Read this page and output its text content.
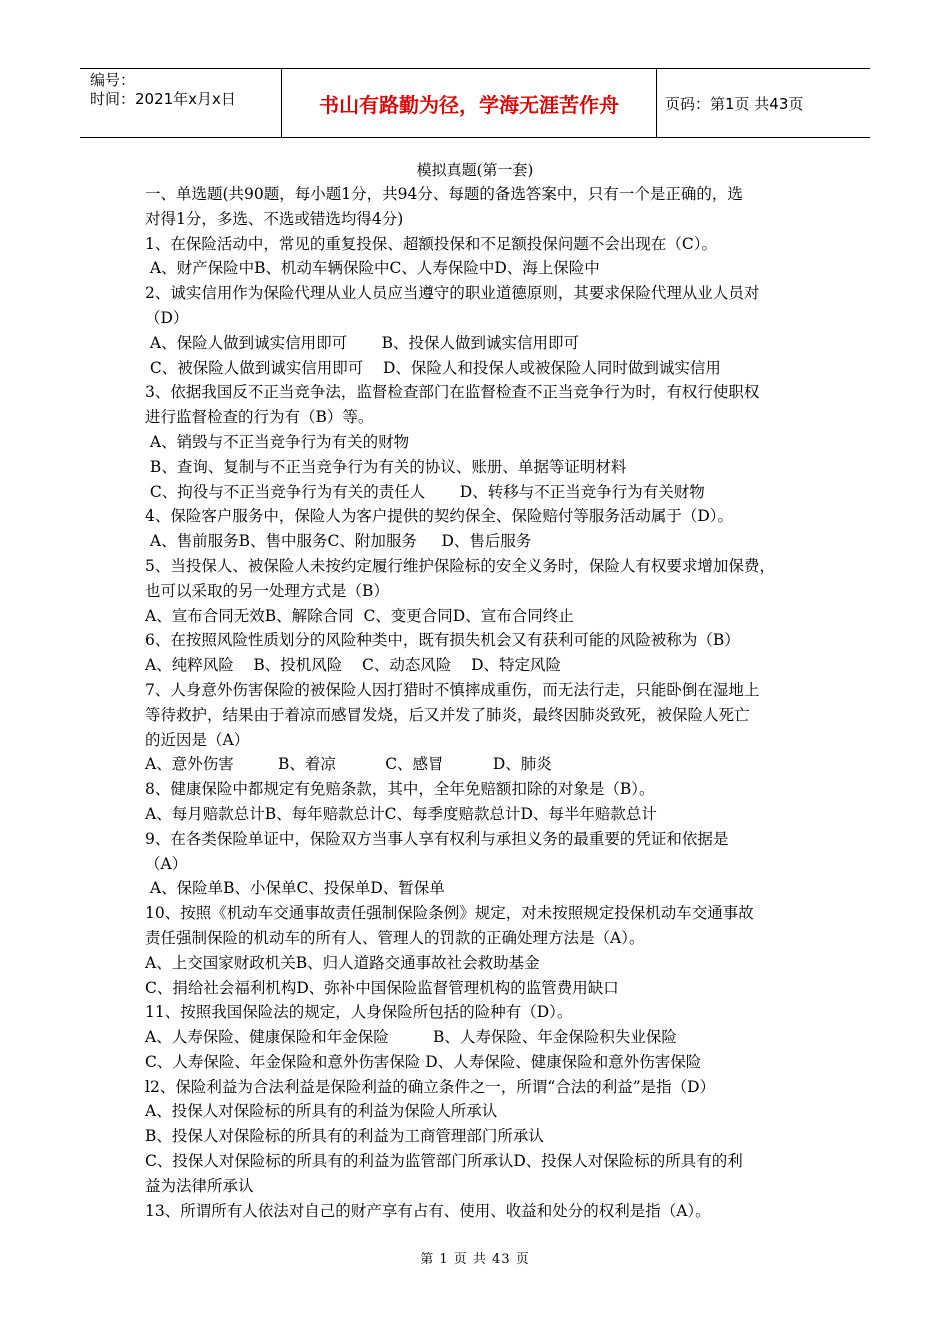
编号：
时间：2021年x月x日	书山有路勤为径，学海无涯苦作舟	页码：第1页 共43页
模拟真题(第一套)
一、单选题(共90题，每小题1分，共94分、每题的备选答案中，只有一个是正确的，选
对得1分，多选、不选或错选均得4分)
1、在保险活动中，常见的重复投保、超额投保和不足额投保问题不会出现在（C）。
A、财产保险中B、机动车辆保险中C、人寿保险中D、海上保险中
2、诚实信用作为保险代理从业人员应当遵守的职业道德原则，其要求保险代理从业人员对
（D）
A、保险人做到诚实信用即可       B、投保人做到诚实信用即可
C、被保险人做到诚实信用即可    D、保险人和投保人或被保险人同时做到诚实信用
3、依据我国反不正当竞争法，监督检查部门在监督检查不正当竞争行为时，有权行使职权
进行监督检查的行为有（B）等。
A、销毁与不正当竞争行为有关的财物
B、查询、复制与不正当竞争行为有关的协议、账册、单据等证明材料
C、拘役与不正当竞争行为有关的责任人       D、转移与不正当竞争行为有关财物
4、保险客户服务中，保险人为客户提供的契约保全、保险赔付等服务活动属于（D）。
A、售前服务B、售中服务C、附加服务     D、售后服务
5、当投保人、被保险人未按约定履行维护保险标的安全义务时，保险人有权要求增加保费，
也可以采取的另一处理方式是（B）
A、宣布合同无效B、解除合同  C、变更合同D、宣布合同终止
6、在按照风险性质划分的风险种类中，既有损失机会又有获利可能的风险被称为（B）
A、纯粹风险    B、投机风险    C、动态风险    D、特定风险
7、人身意外伤害保险的被保险人因打猎时不慎摔成重伤，而无法行走，只能卧倒在湿地上
等待救护，结果由于着凉而感冒发烧，后又并发了肺炎，最终因肺炎致死，被保险人死亡
的近因是（A）
A、意外伤害         B、着凉          C、感冒          D、肺炎
8、健康保险中都规定有免赔条款，其中，全年免赔额扣除的对象是（B）。
A、每月赔款总计B、每年赔款总计C、每季度赔款总计D、每半年赔款总计
9、在各类保险单证中，保险双方当事人享有权利与承担义务的最重要的凭证和依据是
（A）
A、保险单B、小保单C、投保单D、暂保单
10、按照《机动车交通事故责任强制保险条例》规定，对未按照规定投保机动车交通事故
责任强制保险的机动车的所有人、管理人的罚款的正确处理方法是（A）。
A、上交国家财政机关B、归人道路交通事故社会救助基金
C、捐给社会福利机构D、弥补中国保险监督管理机构的监管费用缺口
11、按照我国保险法的规定，人身保险所包括的险种有（D）。
A、人寿保险、健康保险和年金保险         B、人寿保险、年金保险积失业保险
C、人寿保险、年金保险和意外伤害保险 D、人寿保险、健康保险和意外伤害保险
l2、保险利益为合法利益是保险利益的确立条件之一，所谓“合法的利益”是指（D）
A、投保人对保险标的所具有的利益为保险人所承认
B、投保人对保险标的所具有的利益为工商管理部门所承认
C、投保人对保险标的所具有的利益为监管部门所承认D、投保人对保险标的所具有的利
益为法律所承认
13、所谓所有人依法对自己的财产享有占有、使用、收益和处分的权利是指（A）。
第 1 页 共 43 页
